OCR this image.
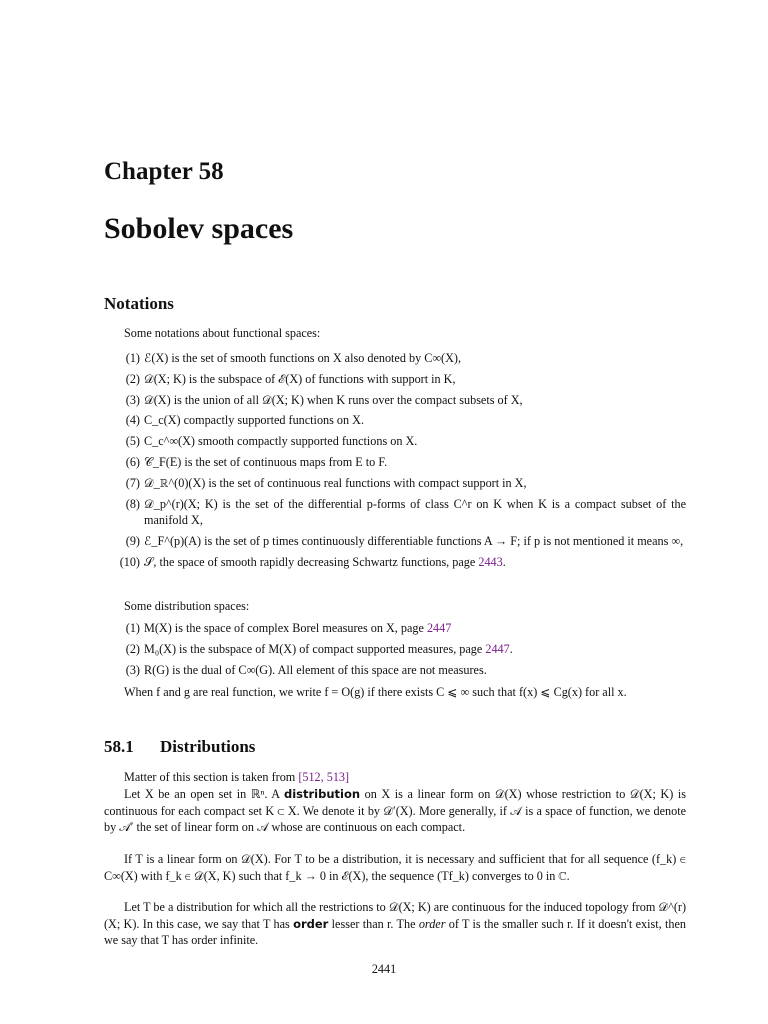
Chapter 58
Sobolev spaces
Notations
Some notations about functional spaces:
(1) ℰ(X) is the set of smooth functions on X also denoted by C∞(X),
(2) 𝒟(X; K) is the subspace of ℰ(X) of functions with support in K,
(3) 𝒟(X) is the union of all 𝒟(X; K) when K runs over the compact subsets of X,
(4) C_c(X) compactly supported functions on X.
(5) C_c^∞(X) smooth compactly supported functions on X.
(6) 𝒞_F(E) is the set of continuous maps from E to F.
(7) 𝒟_ℝ^(0)(X) is the set of continuous real functions with compact support in X,
(8) 𝒟_p^(r)(X; K) is the set of the differential p-forms of class C^r on K when K is a compact subset of the manifold X,
(9) ℰ_F^(p)(A) is the set of p times continuously differentiable functions A → F; if p is not mentioned it means ∞,
(10) 𝒮, the space of smooth rapidly decreasing Schwartz functions, page 2443.
Some distribution spaces:
(1) M(X) is the space of complex Borel measures on X, page 2447
(2) M₀(X) is the subspace of M(X) of compact supported measures, page 2447.
(3) R(G) is the dual of C∞(G). All element of this space are not measures.
When f and g are real function, we write f = O(g) if there exists C ⩽ ∞ such that f(x) ⩽ Cg(x) for all x.
58.1 Distributions
Matter of this section is taken from [512, 513]
Let X be an open set in ℝⁿ. A distribution on X is a linear form on 𝒟(X) whose restriction to 𝒟(X; K) is continuous for each compact set K ⊂ X. We denote it by 𝒟′(X). More generally, if 𝒜 is a space of function, we denote by 𝒜′ the set of linear form on 𝒜 whose are continuous on each compact.
If T is a linear form on 𝒟(X). For T to be a distribution, it is necessary and sufficient that for all sequence (f_k) ∈ C∞(X) with f_k ∈ 𝒟(X, K) such that f_k → 0 in ℰ(X), the sequence (Tf_k) converges to 0 in ℂ.
Let T be a distribution for which all the restrictions to 𝒟(X; K) are continuous for the induced topology from 𝒟^(r)(X; K). In this case, we say that T has order lesser than r. The order of T is the smaller such r. If it doesn't exist, then we say that T has order infinite.
2441
